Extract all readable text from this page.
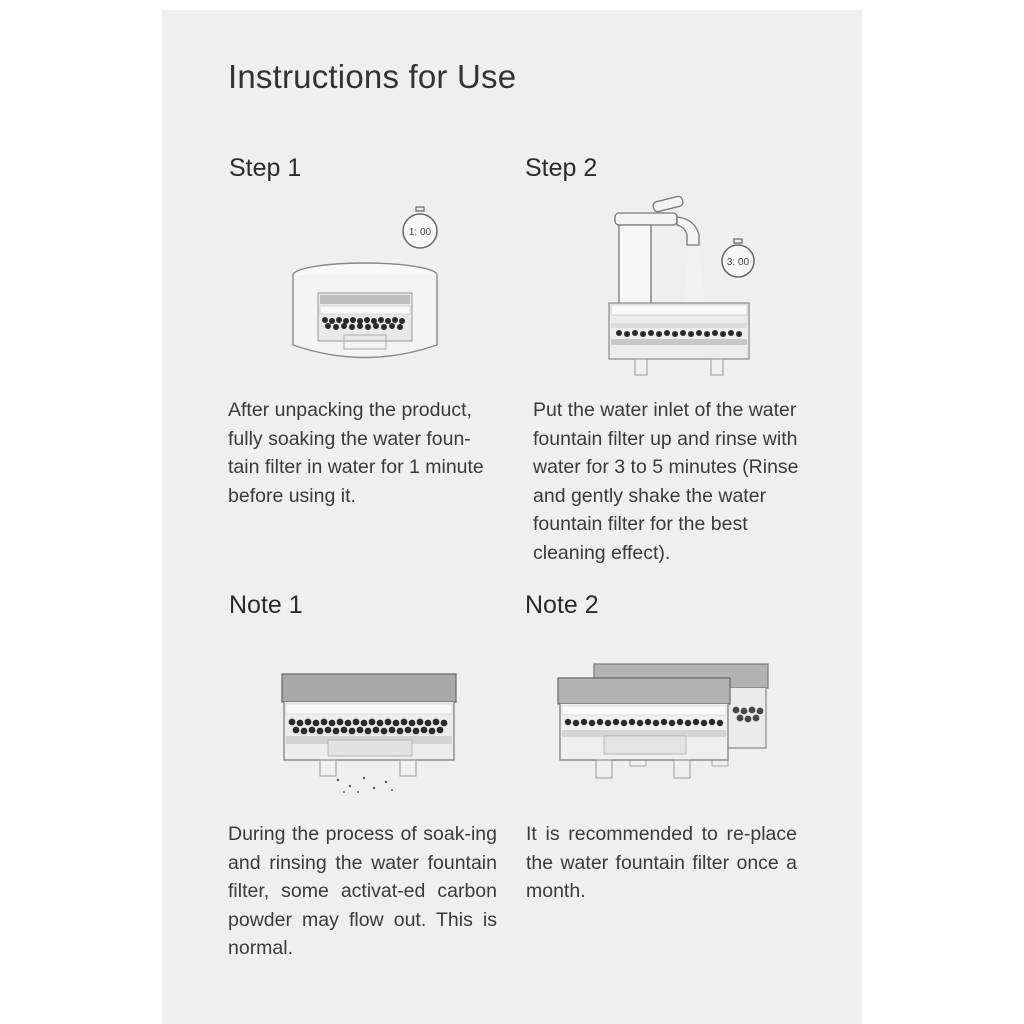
Instructions for Use
Step 1
1: 00
After unpacking the product, fully soaking the water foun-tain filter in water for 1 minute before using it.
Step 2
3: 00
Put the water inlet of the water fountain filter up and rinse with water for 3 to 5 minutes (Rinse and gently shake the water fountain filter for the best cleaning effect).
Note 1
During the process of soak-ing and rinsing the water fountain filter, some activat-ed carbon powder may flow out. This is normal.
Note 2
It is recommended to re-place the water fountain filter once a month.
